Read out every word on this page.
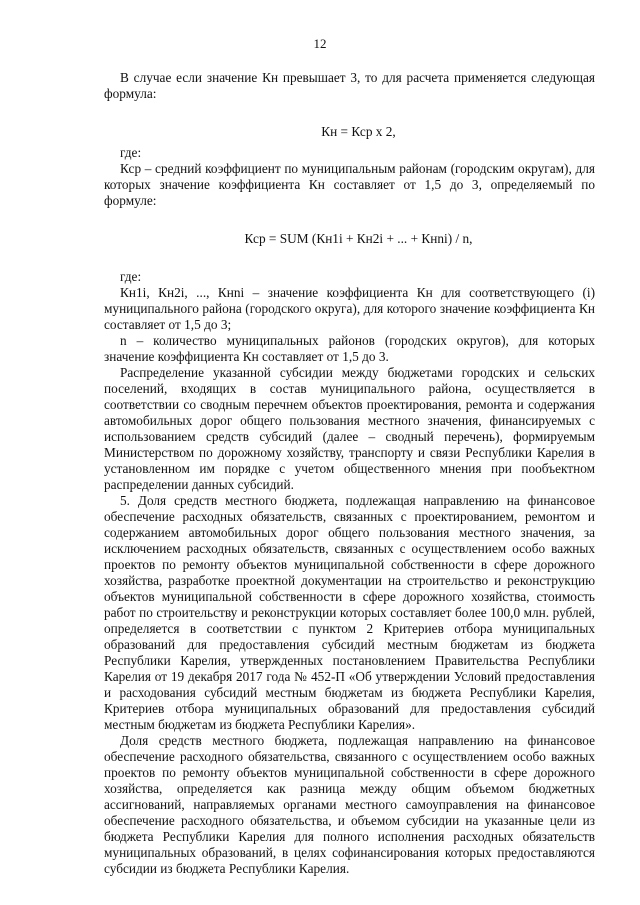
12

В случае если значение Кн превышает 3, то для расчета применяется следующая формула:

Кн = Кср x 2,

где:

Кср – средний коэффициент по муниципальным районам (городским округам), для которых значение коэффициента Кн составляет от 1,5 до 3, определяемый по формуле:

Кср = SUM (Кн1i + Кн2i + ... + Кнni) / n,

где:

Кн1i, Кн2i, ..., Кнni – значение коэффициента Кн для соответствующего (i) муниципального района (городского округа), для которого значение коэффициента Кн составляет от 1,5 до 3;

n – количество муниципальных районов (городских округов), для которых значение коэффициента Кн составляет от 1,5 до 3.

Распределение указанной субсидии между бюджетами городских и сельских поселений, входящих в состав муниципального района, осуществляется в соответствии со сводным перечнем объектов проектирования, ремонта и содержания автомобильных дорог общего пользования местного значения, финансируемых с использованием средств субсидий (далее – сводный перечень), формируемым Министерством по дорожному хозяйству, транспорту и связи Республики Карелия в установленном им порядке с учетом общественного мнения при пообъектном распределении данных субсидий.

5. Доля средств местного бюджета, подлежащая направлению на финансовое обеспечение расходных обязательств, связанных с проектированием, ремонтом и содержанием автомобильных дорог общего пользования местного значения, за исключением расходных обязательств, связанных с осуществлением особо важных проектов по ремонту объектов муниципальной собственности в сфере дорожного хозяйства, разработке проектной документации на строительство и реконструкцию объектов муниципальной собственности в сфере дорожного хозяйства, стоимость работ по строительству и реконструкции которых составляет более 100,0 млн. рублей, определяется в соответствии с пунктом 2 Критериев отбора муниципальных образований для предоставления субсидий местным бюджетам из бюджета Республики Карелия, утвержденных постановлением Правительства Республики Карелия от 19 декабря 2017 года № 452-П «Об утверждении Условий предоставления и расходования субсидий местным бюджетам из бюджета Республики Карелия, Критериев отбора муниципальных образований для предоставления субсидий местным бюджетам из бюджета Республики Карелия».

Доля средств местного бюджета, подлежащая направлению на финансовое обеспечение расходного обязательства, связанного с осуществлением особо важных проектов по ремонту объектов муниципальной собственности в сфере дорожного хозяйства, определяется как разница между общим объемом бюджетных ассигнований, направляемых органами местного самоуправления на финансовое обеспечение расходного обязательства, и объемом субсидии на указанные цели из бюджета Республики Карелия для полного исполнения расходных обязательств муниципальных образований, в целях софинансирования которых предоставляются субсидии из бюджета Республики Карелия.
